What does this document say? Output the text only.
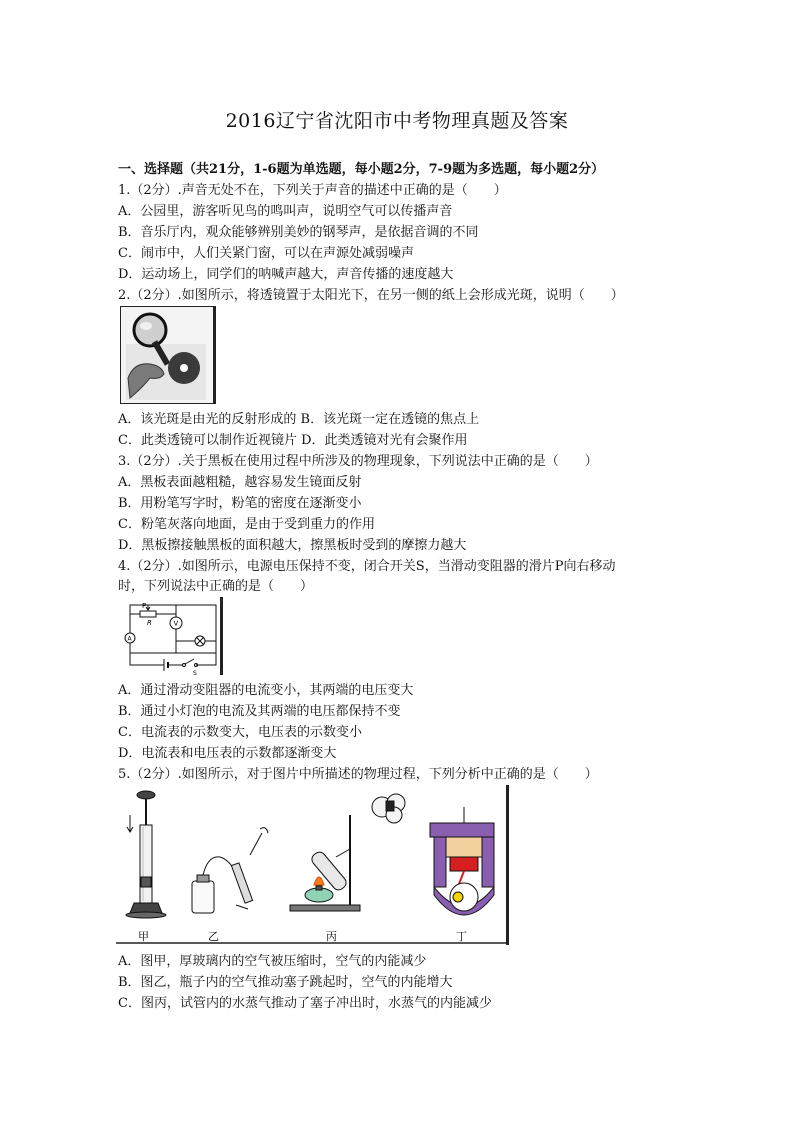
2016辽宁省沈阳市中考物理真题及答案
一、选择题（共21分，1-6题为单选题，每小题2分，7-9题为多选题，每小题2分）
1.（2分）.声音无处不在，下列关于声音的描述中正确的是（　　）
A．公园里，游客听见鸟的鸣叫声，说明空气可以传播声音
B．音乐厅内，观众能够辨别美妙的钢琴声，是依据音调的不同
C．闹市中，人们关紧门窗，可以在声源处减弱噪声
D．运动场上，同学们的呐喊声越大，声音传播的速度越大
2.（2分）.如图所示，将透镜置于太阳光下，在另一侧的纸上会形成光斑，说明（　　）
A．该光斑是由光的反射形成的 B．该光斑一定在透镜的焦点上
C．此类透镜可以制作近视镜片 D．此类透镜对光有会聚作用
3.（2分）.关于黑板在使用过程中所涉及的物理现象，下列说法中正确的是（　　）
A．黑板表面越粗糙，越容易发生镜面反射
B．用粉笔写字时，粉笔的密度在逐渐变小
C．粉笔灰落向地面，是由于受到重力的作用
D．黑板擦接触黑板的面积越大，擦黑板时受到的摩擦力越大
4.（2分）.如图所示，电源电压保持不变，闭合开关S，当滑动变阻器的滑片P向右移动
时，下列说法中正确的是（　　）
P
R
A
V
S
A．通过滑动变阻器的电流变小，其两端的电压变大
B．通过小灯泡的电流及其两端的电压都保持不变
C．电流表的示数变大，电压表的示数变小
D．电流表和电压表的示数都逐渐变大
5.（2分）.如图所示，对于图片中所描述的物理过程，下列分析中正确的是（　　）
甲	乙	丙	丁
A．图甲，厚玻璃内的空气被压缩时，空气的内能减少
B．图乙，瓶子内的空气推动塞子跳起时，空气的内能增大
C．图丙，试管内的水蒸气推动了塞子冲出时，水蒸气的内能减少
